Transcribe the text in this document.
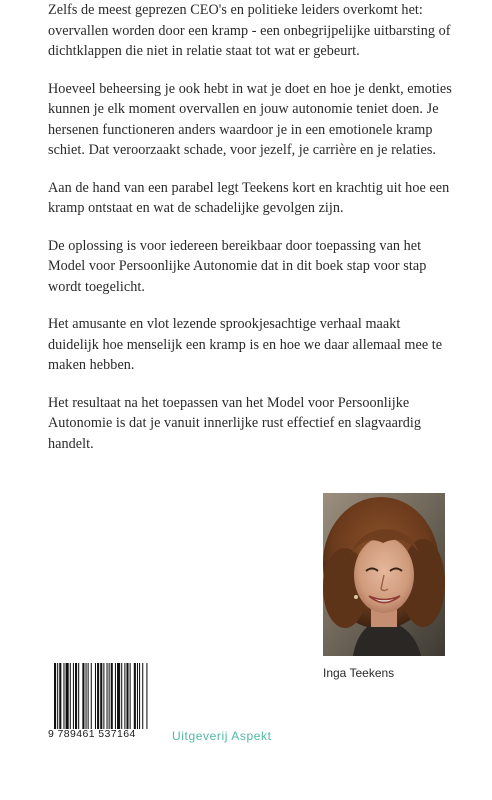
Zelfs de meest geprezen CEO's en politieke leiders overkomt het: overvallen worden door een kramp - een onbegrijpelijke uitbarsting of dichtklappen die niet in relatie staat tot wat er gebeurt.

Hoeveel beheersing je ook hebt in wat je doet en hoe je denkt, emoties kunnen je elk moment overvallen en jouw autonomie teniet doen. Je hersenen functioneren anders waardoor je in een emotionele kramp schiet. Dat veroorzaakt schade, voor jezelf, je carrière en je relaties.

Aan de hand van een parabel legt Teekens kort en krachtig uit hoe een kramp ontstaat en wat de schadelijke gevolgen zijn.

De oplossing is voor iedereen bereikbaar door toepassing van het Model voor Persoonlijke Autonomie dat in dit boek stap voor stap wordt toegelicht.

Het amusante en vlot lezende sprookjesachtige verhaal maakt duidelijk hoe menselijk een kramp is en hoe we daar allemaal mee te maken hebben.

Het resultaat na het toepassen van het Model voor Persoonlijke Autonomie is dat je vanuit innerlijke rust effectief en slagvaardig handelt.

Inga Teekens
9 789461 537164	Uitgeverij Aspekt
